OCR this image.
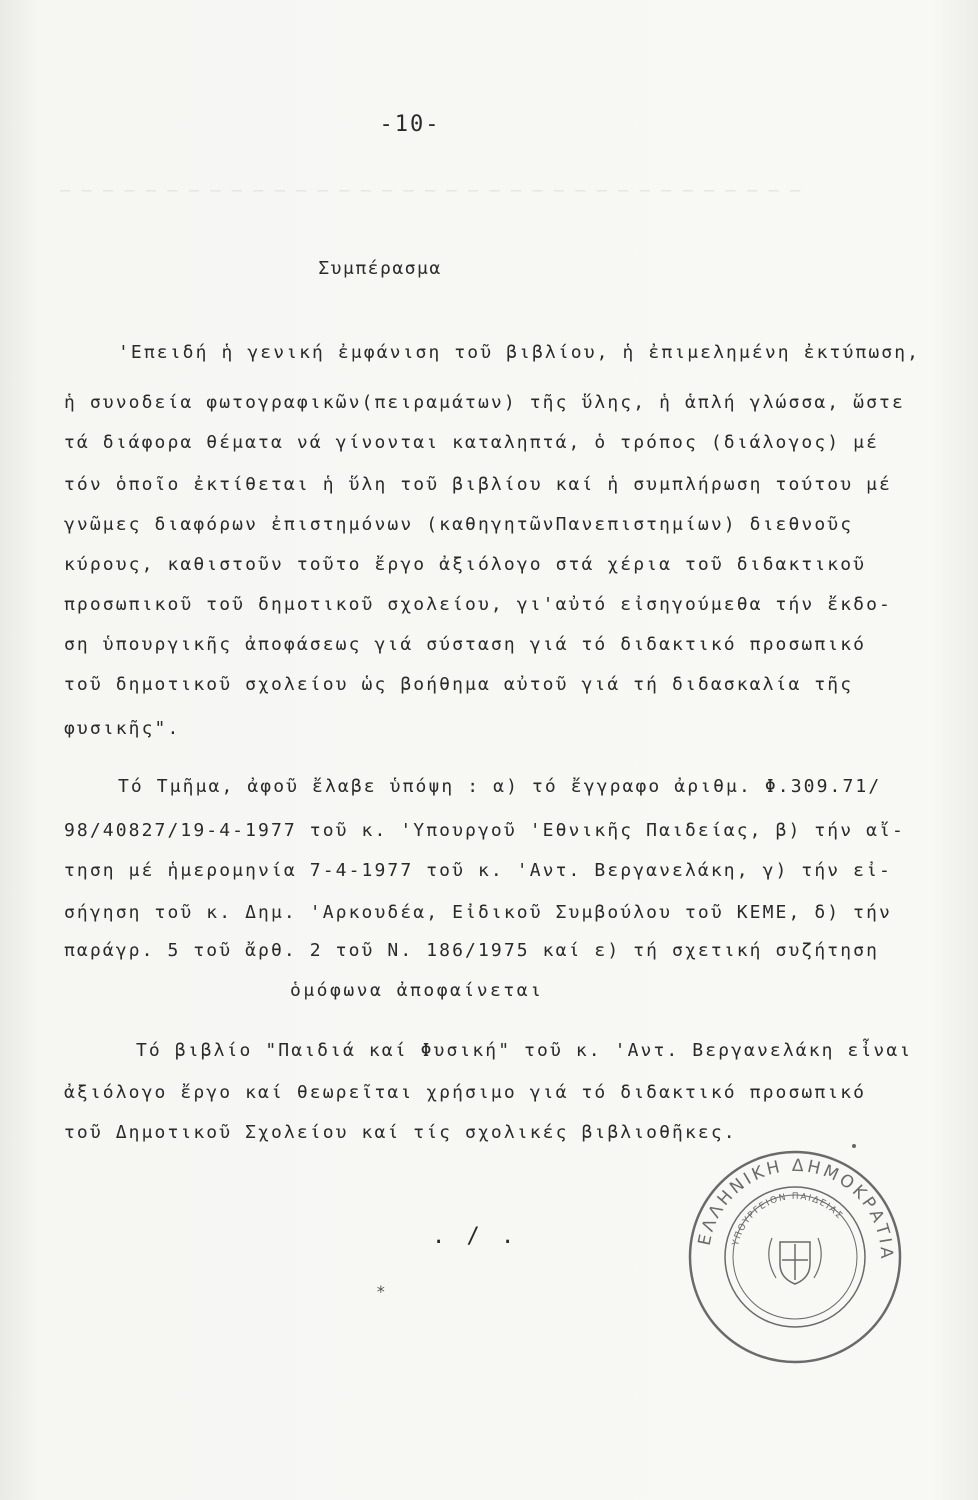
̶ ̶ ̶ ̶ ̶ ̶ ̶ ̶ ̶ ̶ ̶ ̶ ̶ ̶ ̶ ̶ ̶ ̶ ̶ ̶ ̶ ̶ ̶ ̶ ̶ ̶ ̶ ̶ ̶ ̶ ̶ ̶ ̶ ̶ ̶
-10-
Συμπέρασμα
'Επειδή ἡ γενική ἐμφάνιση τοῦ βιβλίου, ἡ ἐπιμελημένη ἐκτύπωση,
ἡ συνοδεία φωτογραφικῶν(πειραμάτων) τῆς ὕλης, ἡ ἁπλή γλώσσα, ὥστε
τά διάφορα θέματα νά γίνονται καταληπτά, ὁ τρόπος (διάλογος) μέ
τόν ὁποῖο ἐκτίθεται ἡ ὕλη τοῦ βιβλίου καί ἡ συμπλήρωση τούτου μέ
γνῶμες διαφόρων ἐπιστημόνων (καθηγητῶνΠανεπιστημίων) διεθνοῦς
κύρους, καθιστοῦν τοῦτο ἔργο ἀξιόλογο στά χέρια τοῦ διδακτικοῦ
προσωπικοῦ τοῦ δημοτικοῦ σχολείου, γι'αὐτό εἰσηγούμεθα τήν ἔκδο-
ση ὑπουργικῆς ἀποφάσεως γιά σύσταση γιά τό διδακτικό προσωπικό
τοῦ δημοτικοῦ σχολείου ὡς βοήθημα αὐτοῦ γιά τή διδασκαλία τῆς
φυσικῆς".
Τό Τμῆμα, ἀφοῦ ἔλαβε ὑπόψη : α) τό ἔγγραφο ἀριθμ. Φ.309.71/
98/40827/19-4-1977 τοῦ κ. 'Υπουργοῦ 'Εθνικῆς Παιδείας, β) τήν αἴ-
τηση μέ ἡμερομηνία 7-4-1977 τοῦ κ. 'Αντ. Βεργανελάκη, γ) τήν εἰ-
σήγηση τοῦ κ. Δημ. 'Αρκουδέα, Εἰδικοῦ Συμβούλου τοῦ ΚΕΜΕ, δ) τήν
παράγρ. 5 τοῦ ἄρθ. 2 τοῦ Ν. 186/1975 καί ε) τή σχετική συζήτηση
ὁμόφωνα ἀποφαίνεται
Τό βιβλίο "Παιδιά καί Φυσική" τοῦ κ. 'Αντ. Βεργανελάκη εἶναι
ἀξιόλογο ἔργο καί θεωρεῖται χρήσιμο γιά τό διδακτικό προσωπικό
τοῦ Δημοτικοῦ Σχολείου καί τίς σχολικές βιβλιοθῆκες.
. / .
*
ΕΛΛΗΝΙΚΗ ΔΗΜΟΚΡΑΤΙΑ
ΥΠΟΥΡΓΕΙΟΝ ΠΑΙΔΕΙΑΣ
